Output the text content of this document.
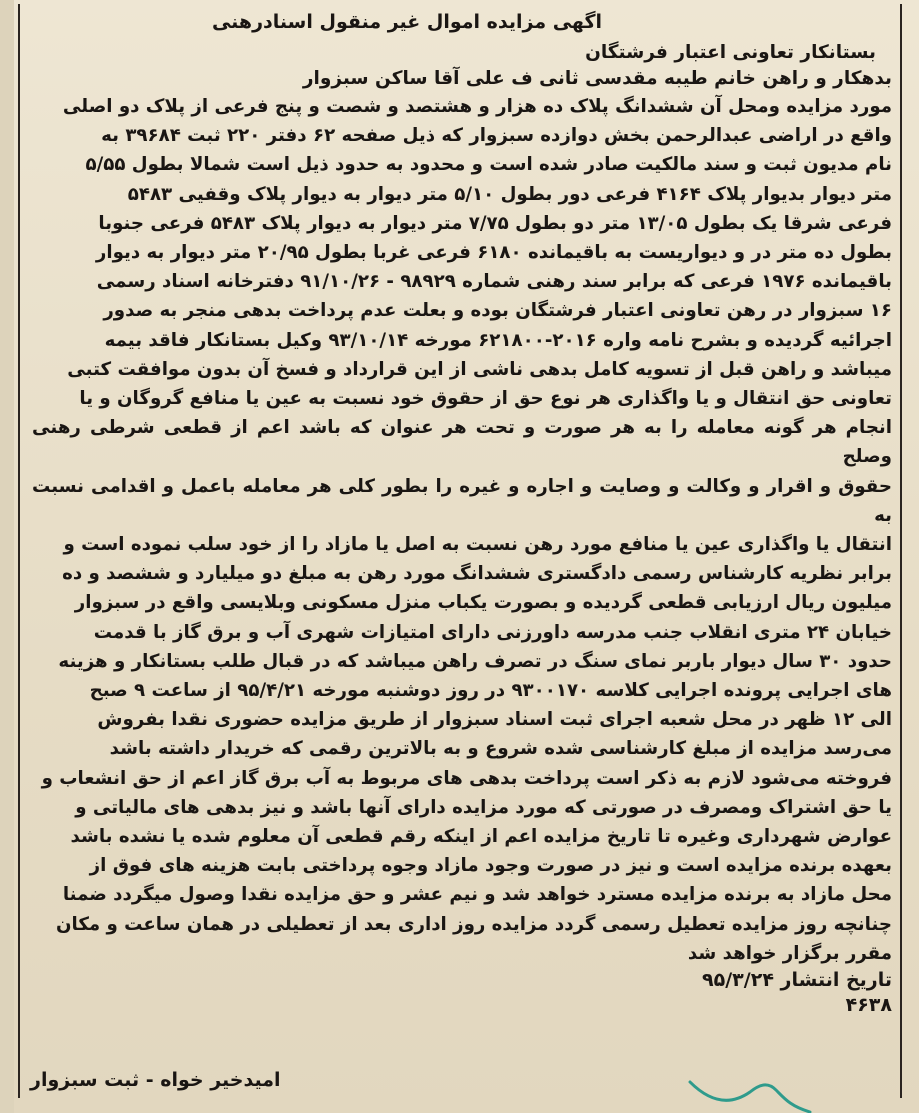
اگهی مزایده اموال غیر منقول اسنادرهنی

بستانکار تعاونی اعتبار فرشتگان

بدهکار و راهن خانم طیبه مقدسی ثانی ف علی آقا ساکن سبزوار

مورد مزایده ومحل آن ششدانگ پلاک ده هزار و هشتصد و شصت و پنج فرعی از پلاک دو اصلی

واقع در اراضی عبدالرحمن بخش دوازده سبزوار که ذیل صفحه ۶۲ دفتر ۲۲۰ ثبت ۳۹۶۸۴ به

نام مدیون ثبت و سند مالکیت صادر شده است و محدود به حدود ذیل است شمالا بطول ۵/۵۵

متر دیوار بدیوار پلاک ۴۱۶۴ فرعی دور بطول ۵/۱۰ متر دیوار به دیوار پلاک وقفیی ۵۴۸۳

فرعی شرقا یک بطول ۱۳/۰۵ متر دو بطول ۷/۷۵ متر دیوار به دیوار پلاک ۵۴۸۳ فرعی جنوبا

بطول ده متر در و دیواریست به باقیمانده ۶۱۸۰ فرعی غربا بطول ۲۰/۹۵ متر دیوار به دیوار

باقیمانده ۱۹۷۶ فرعی که برابر سند رهنی شماره ۹۸۹۲۹ - ۹۱/۱۰/۲۶ دفترخانه اسناد رسمی

۱۶ سبزوار در رهن تعاونی اعتبار فرشتگان بوده و بعلت عدم پرداخت بدهی منجر به صدور

اجرائیه گردیده و بشرح نامه واره ۲۰۱۶-۶۲۱۸۰۰ مورخه ۹۳/۱۰/۱۴ وکیل بستانکار فاقد بیمه

میباشد و راهن قبل از تسویه کامل بدهی ناشی از این قرارداد و فسخ آن بدون موافقت کتبی

تعاونی حق انتقال و یا واگذاری هر نوع حق از حقوق خود نسبت به عین یا منافع گروگان و یا

انجام هر گونه معامله را به هر صورت و تحت هر عنوان که باشد اعم از قطعی شرطی رهنی وصلح

حقوق و اقرار و وکالت و وصایت و اجاره و غیره را بطور کلی هر معامله باعمل و اقدامی نسبت به

انتقال یا واگذاری عین یا منافع مورد رهن نسبت به اصل یا مازاد را از خود سلب نموده است و

برابر نظریه کارشناس رسمی دادگستری ششدانگ مورد رهن به مبلغ دو میلیارد و ششصد و ده

میلیون ریال ارزیابی قطعی گردیده و بصورت یکباب منزل مسکونی وبلایسی واقع در سبزوار

خیابان ۲۴ متری انقلاب جنب مدرسه داورزنی دارای امتیازات شهری آب و برق گاز با قدمت

حدود ۳۰ سال دیوار باربر نمای سنگ در تصرف راهن میباشد که در قبال طلب بستانکار و هزینه

های اجرایی پرونده اجرایی کلاسه ۹۳۰۰۱۷۰ در روز دوشنبه مورخه ۹۵/۴/۲۱ از ساعت ۹ صبح

الی ۱۲ ظهر در محل شعبه اجرای ثبت اسناد سبزوار از طریق مزایده حضوری نقدا بفروش

می‌رسد مزایده از مبلغ کارشناسی شده شروع و به بالاترین رقمی که خریدار داشته باشد

فروخته می‌شود لازم به ذکر است پرداخت بدهی های مربوط به آب برق گاز اعم از حق انشعاب و

یا حق اشتراک ومصرف در صورتی که مورد مزایده دارای آنها باشد و نیز بدهی های مالیاتی و

عوارض شهرداری وغیره تا تاریخ مزایده اعم از اینکه رقم قطعی آن معلوم شده یا نشده باشد

بعهده برنده مزایده است و نیز در صورت وجود مازاد وجوه پرداختی بابت هزینه های فوق از

محل مازاد به برنده مزایده مسترد خواهد شد و نیم عشر و حق مزایده نقدا وصول میگردد ضمنا

چنانچه روز مزایده تعطیل رسمی گردد مزایده روز اداری بعد از تعطیلی در همان ساعت و مکان

مقرر برگزار خواهد شد

تاریخ انتشار ۹۵/۳/۲۴

۴۶۳۸

امیدخیر خواه - ثبت سبزوار
